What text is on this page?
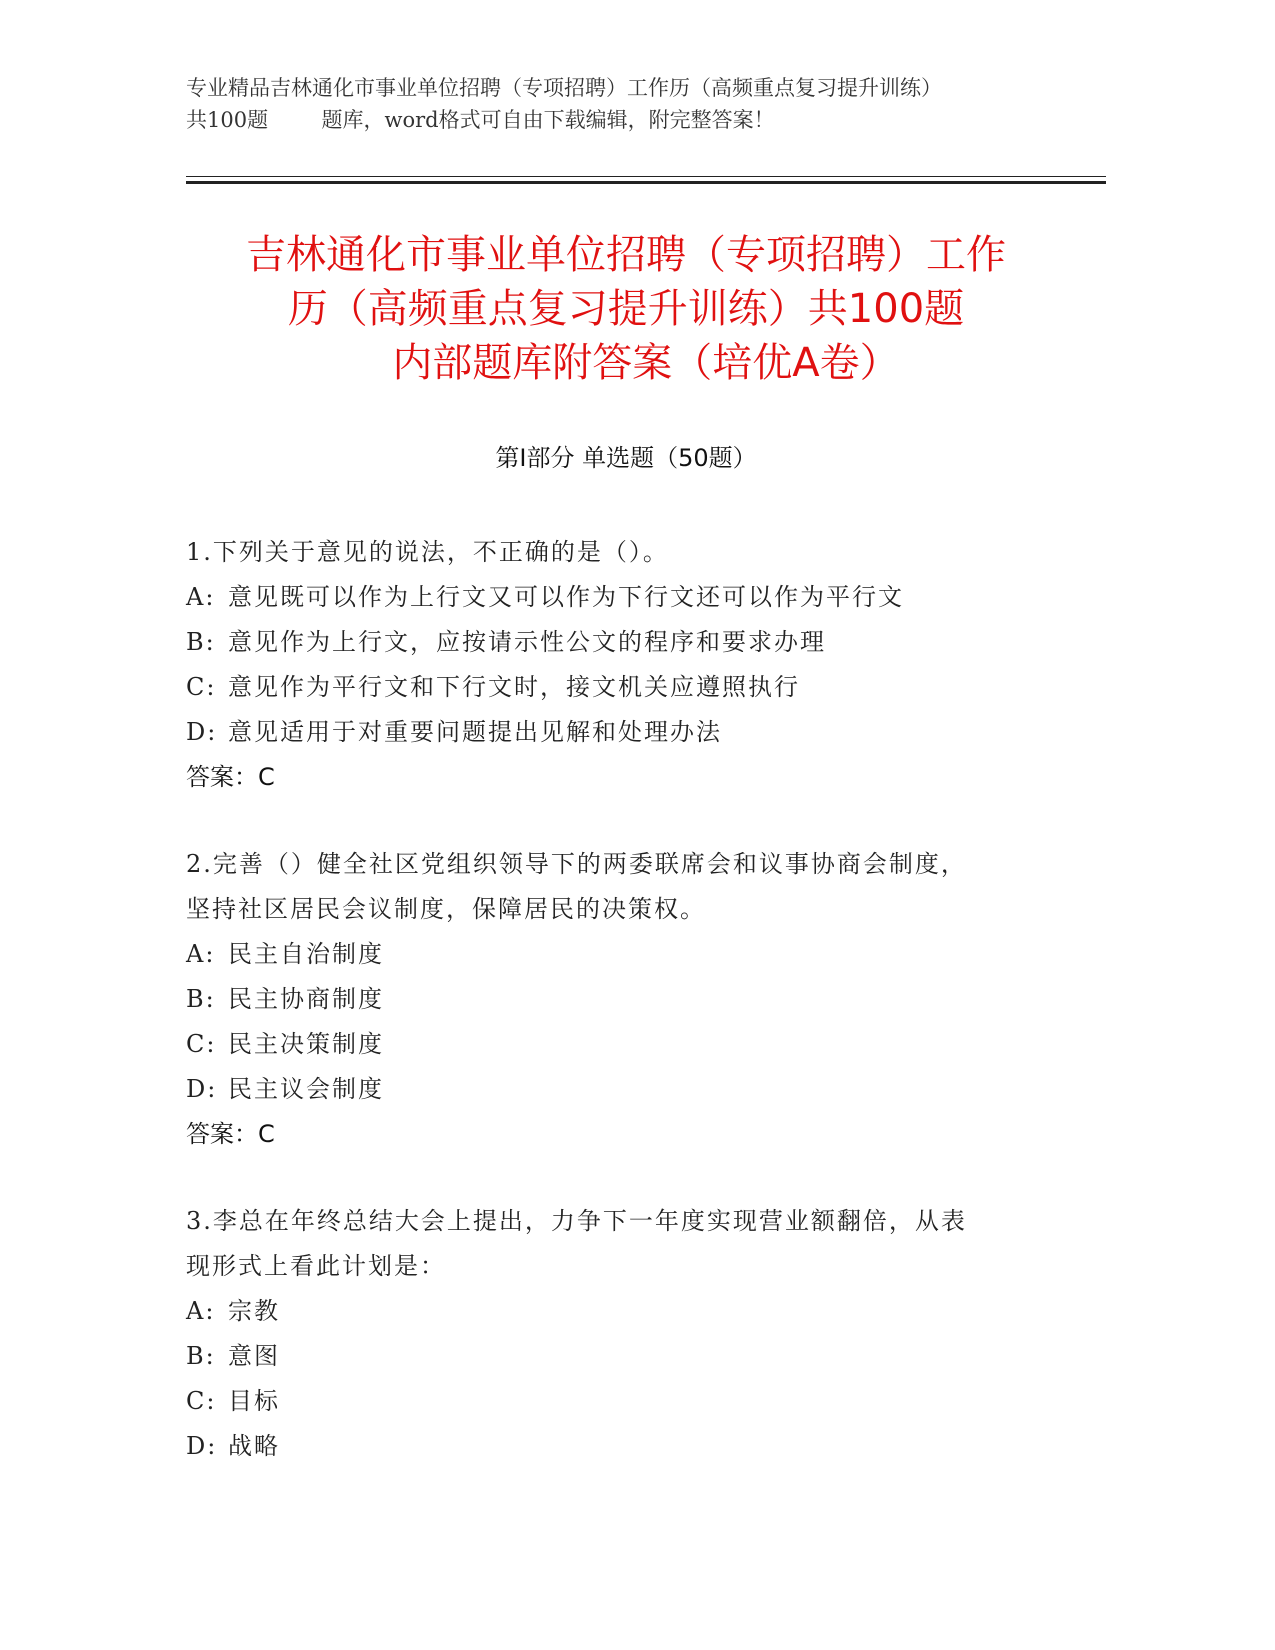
专业精品吉林通化市事业单位招聘（专项招聘）工作历（高频重点复习提升训练）
共100题        题库，word格式可自由下载编辑，附完整答案！
吉林通化市事业单位招聘（专项招聘）工作
历（高频重点复习提升训练）共100题
内部题库附答案（培优A卷）
第I部分 单选题（50题）
1.下列关于意见的说法，不正确的是（）。
A: 意见既可以作为上行文又可以作为下行文还可以作为平行文
B: 意见作为上行文，应按请示性公文的程序和要求办理
C: 意见作为平行文和下行文时，接文机关应遵照执行
D: 意见适用于对重要问题提出见解和处理办法
答案：C
2.完善（）健全社区党组织领导下的两委联席会和议事协商会制度，
坚持社区居民会议制度，保障居民的决策权。
A: 民主自治制度
B: 民主协商制度
C: 民主决策制度
D: 民主议会制度
答案：C
3.李总在年终总结大会上提出，力争下一年度实现营业额翻倍，从表
现形式上看此计划是：
A: 宗教
B: 意图
C: 目标
D: 战略
